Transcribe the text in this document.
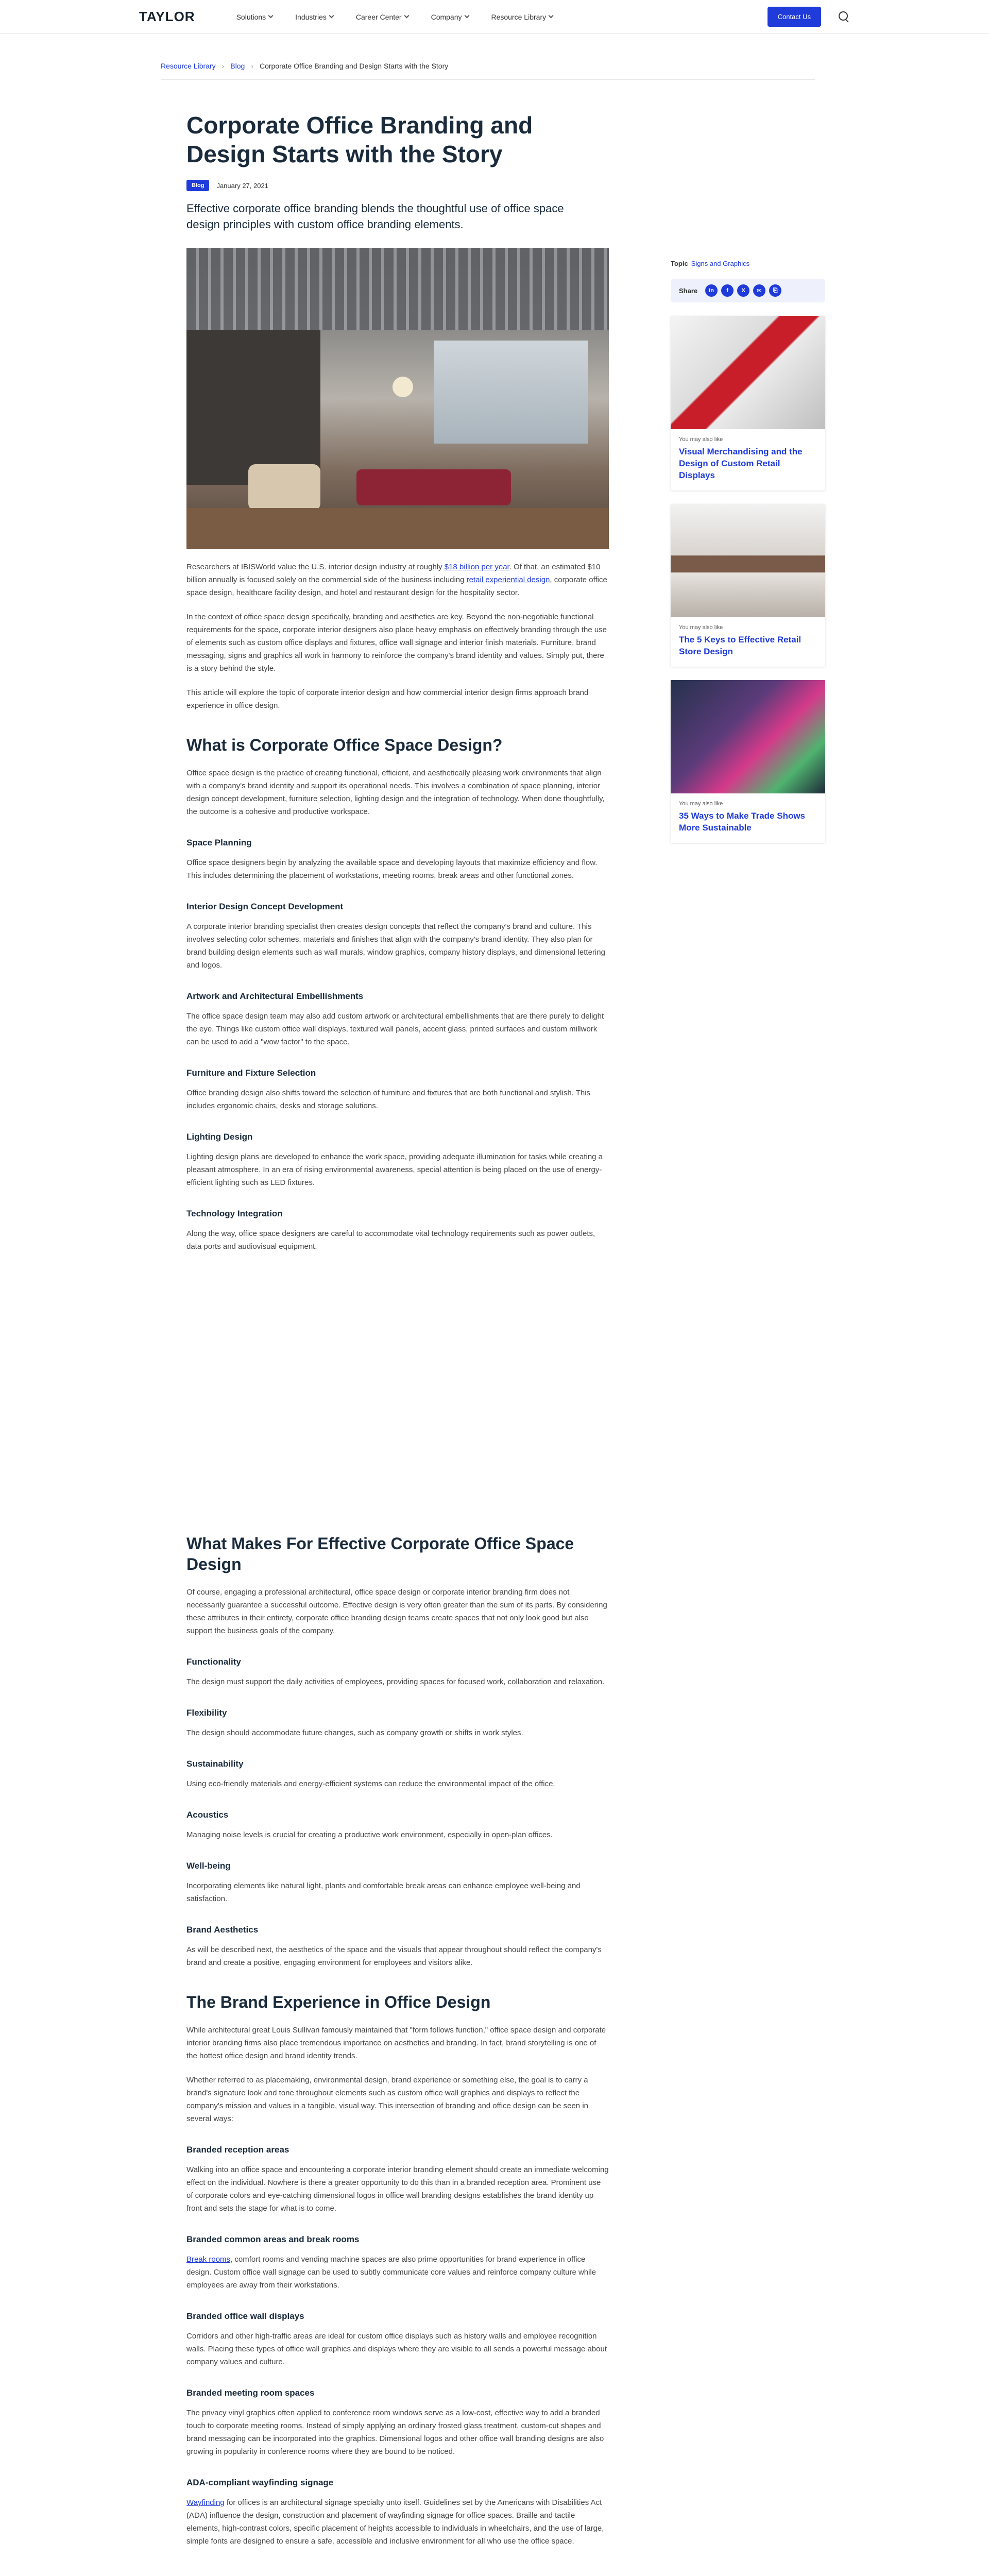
TAYLOR	Solutions	Industries	Career Center	Company	Resource Library	Contact Us
Resource Library › Blog › Corporate Office Branding and Design Starts with the Story
Corporate Office Branding and Design Starts with the Story
Blog	January 27, 2021

Effective corporate office branding blends the thoughtful use of office space design principles with custom office branding elements.

Researchers at IBISWorld value the U.S. interior design industry at roughly $18 billion per year. Of that, an estimated $10 billion annually is focused solely on the commercial side of the business including retail experiential design, corporate office space design, healthcare facility design, and hotel and restaurant design for the hospitality sector.

In the context of office space design specifically, branding and aesthetics are key. Beyond the non-negotiable functional requirements for the space, corporate interior designers also place heavy emphasis on effectively branding through the use of elements such as custom office displays and fixtures, office wall signage and interior finish materials. Furniture, brand messaging, signs and graphics all work in harmony to reinforce the company's brand identity and values. Simply put, there is a story behind the style.

This article will explore the topic of corporate interior design and how commercial interior design firms approach brand experience in office design.

What is Corporate Office Space Design?

Office space design is the practice of creating functional, efficient, and aesthetically pleasing work environments that align with a company's brand identity and support its operational needs. This involves a combination of space planning, interior design concept development, furniture selection, lighting design and the integration of technology. When done thoughtfully, the outcome is a cohesive and productive workspace.

Space Planning

Office space designers begin by analyzing the available space and developing layouts that maximize efficiency and flow. This includes determining the placement of workstations, meeting rooms, break areas and other functional zones.

Interior Design Concept Development

A corporate interior branding specialist then creates design concepts that reflect the company's brand and culture. This involves selecting color schemes, materials and finishes that align with the company's brand identity. They also plan for brand building design elements such as wall murals, window graphics, company history displays, and dimensional lettering and logos.

Artwork and Architectural Embellishments

The office space design team may also add custom artwork or architectural embellishments that are there purely to delight the eye. Things like custom office wall displays, textured wall panels, accent glass, printed surfaces and custom millwork can be used to add a "wow factor" to the space.

Furniture and Fixture Selection

Office branding design also shifts toward the selection of furniture and fixtures that are both functional and stylish. This includes ergonomic chairs, desks and storage solutions.

Lighting Design

Lighting design plans are developed to enhance the work space, providing adequate illumination for tasks while creating a pleasant atmosphere. In an era of rising environmental awareness, special attention is being placed on the use of energy-efficient lighting such as LED fixtures.

Technology Integration

Along the way, office space designers are careful to accommodate vital technology requirements such as power outlets, data ports and audiovisual equipment.

What Makes For Effective Corporate Office Space Design

Of course, engaging a professional architectural, office space design or corporate interior branding firm does not necessarily guarantee a successful outcome. Effective design is very often greater than the sum of its parts. By considering these attributes in their entirety, corporate office branding design teams create spaces that not only look good but also support the business goals of the company.

Functionality

The design must support the daily activities of employees, providing spaces for focused work, collaboration and relaxation.

Flexibility

The design should accommodate future changes, such as company growth or shifts in work styles.

Sustainability

Using eco-friendly materials and energy-efficient systems can reduce the environmental impact of the office.

Acoustics

Managing noise levels is crucial for creating a productive work environment, especially in open-plan offices.

Well-being

Incorporating elements like natural light, plants and comfortable break areas can enhance employee well-being and satisfaction.

Brand Aesthetics

As will be described next, the aesthetics of the space and the visuals that appear throughout should reflect the company's brand and create a positive, engaging environment for employees and visitors alike.

The Brand Experience in Office Design

While architectural great Louis Sullivan famously maintained that "form follows function," office space design and corporate interior branding firms also place tremendous importance on aesthetics and branding. In fact, brand storytelling is one of the hottest office design and brand identity trends.

Whether referred to as placemaking, environmental design, brand experience or something else, the goal is to carry a brand's signature look and tone throughout elements such as custom office wall graphics and displays to reflect the company's mission and values in a tangible, visual way. This intersection of branding and office design can be seen in several ways:

Branded reception areas

Walking into an office space and encountering a corporate interior branding element should create an immediate welcoming effect on the individual. Nowhere is there a greater opportunity to do this than in a branded reception area. Prominent use of corporate colors and eye-catching dimensional logos in office wall branding designs establishes the brand identity up front and sets the stage for what is to come.

Branded common areas and break rooms

Break rooms, comfort rooms and vending machine spaces are also prime opportunities for brand experience in office design. Custom office wall signage can be used to subtly communicate core values and reinforce company culture while employees are away from their workstations.

Branded office wall displays

Corridors and other high-traffic areas are ideal for custom office displays such as history walls and employee recognition walls. Placing these types of office wall graphics and displays where they are visible to all sends a powerful message about company values and culture.

Branded meeting room spaces

The privacy vinyl graphics often applied to conference room windows serve as a low-cost, effective way to add a branded touch to corporate meeting rooms. Instead of simply applying an ordinary frosted glass treatment, custom-cut shapes and brand messaging can be incorporated into the graphics. Dimensional logos and other office wall branding designs are also growing in popularity in conference rooms where they are bound to be noticed.

ADA-compliant wayfinding signage

Wayfinding for offices is an architectural signage specialty unto itself. Guidelines set by the Americans with Disabilities Act (ADA) influence the design, construction and placement of wayfinding signage for office spaces. Braille and tactile elements, high-contrast colors, specific placement of heights accessible to individuals in wheelchairs, and the use of large, simple fonts are designed to ensure a safe, accessible and inclusive environment for all who use the office space.

Topic Signs and Graphics
Share	in	f	X	✉	⎘
You may also like
Visual Merchandising and the Design of Custom Retail Displays
You may also like
The 5 Keys to Effective Retail Store Design
You may also like
35 Ways to Make Trade Shows More Sustainable
